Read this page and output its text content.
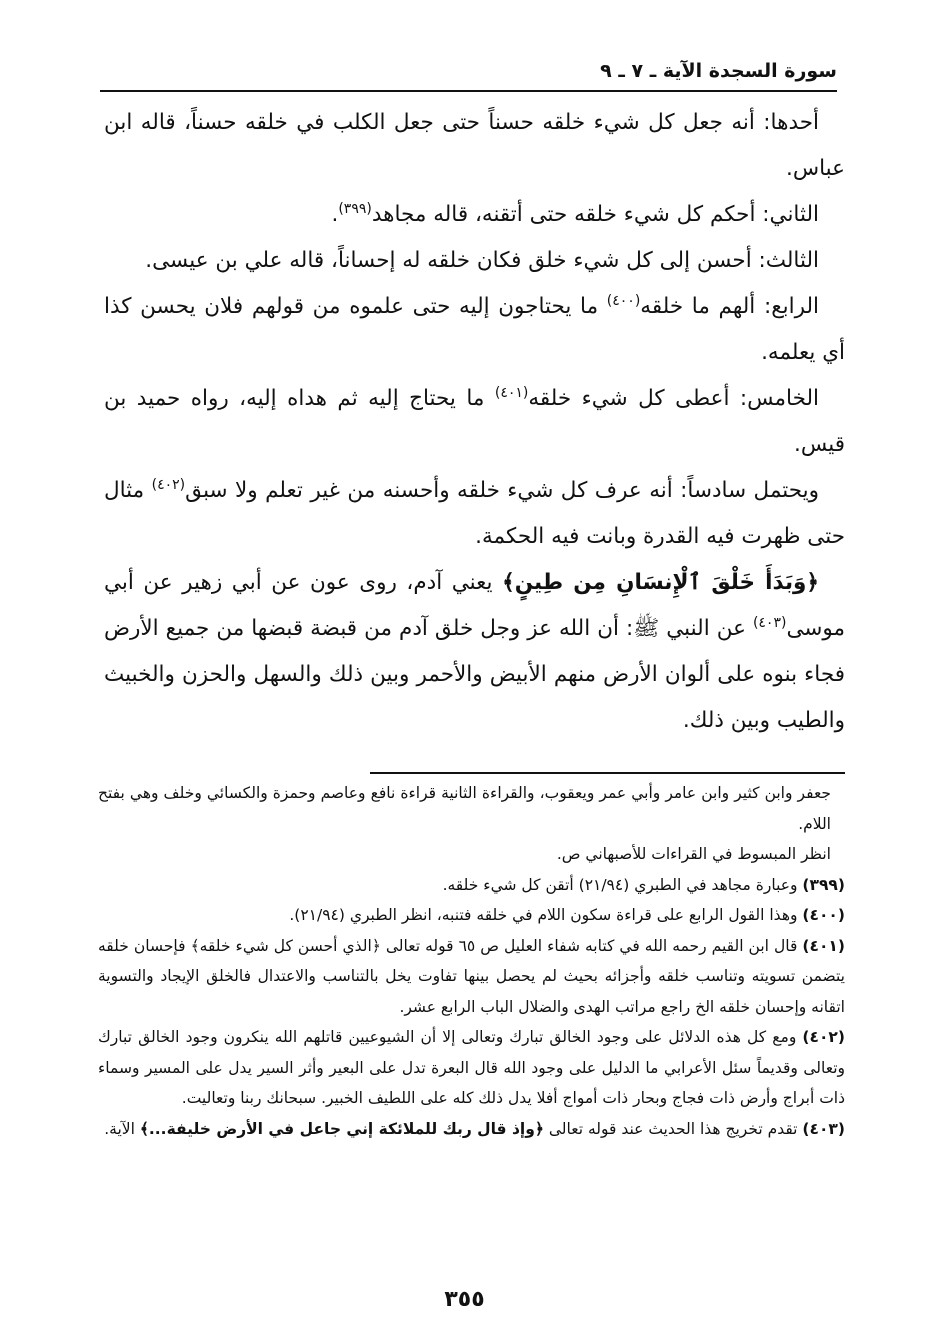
سورة السجدة الآية ـ ٧ ـ ٩

أحدها: أنه جعل كل شيء خلقه حسناً حتى جعل الكلب في خلقه حسناً، قاله ابن عباس.

الثاني: أحكم كل شيء خلقه حتى أتقنه، قاله مجاهد$^{(٣٩٩)}$.

الثالث: أحسن إلى كل شيء خلق فكان خلقه له إحساناً، قاله علي بن عيسى.

الرابع: ألهم ما خلقه$^{(٤٠٠)}$ ما يحتاجون إليه حتى علموه من قولهم فلان يحسن كذا أي يعلمه.

الخامس: أعطى كل شيء خلقه$^{(٤٠١)}$ ما يحتاج إليه ثم هداه إليه، رواه حميد بن قيس.

ويحتمل سادساً: أنه عرف كل شيء خلقه وأحسنه من غير تعلم ولا سبق$^{(٤٠٢)}$ مثال حتى ظهرت فيه القدرة وبانت فيه الحكمة.

﴿وَبَدَأَ خَلْقَ ٱلْإِنسَانِ مِن طِينٍ﴾ يعني آدم، روى عون عن أبي زهير عن أبي موسى$^{(٤٠٣)}$ عن النبي ﷺ: أن الله عز وجل خلق آدم من قبضة قبضها من جميع الأرض فجاء بنوه على ألوان الأرض منهم الأبيض والأحمر وبين ذلك والسهل والحزن والخبيث والطيب وبين ذلك.

جعفر وابن كثير وابن عامر وأبي عمر ويعقوب، والقراءة الثانية قراءة نافع وعاصم وحمزة والكسائي وخلف وهي بفتح اللام.

انظر المبسوط في القراءات للأصبهاني ص.

(٣٩٩) وعبارة مجاهد في الطبري (٢١/٩٤) أتقن كل شيء خلقه.

(٤٠٠) وهذا القول الرابع على قراءة سكون اللام في خلقه فتنبه، انظر الطبري (٢١/٩٤).

(٤٠١) قال ابن القيم رحمه الله في كتابه شفاء العليل ص ٦٥ قوله تعالى ﴿الذي أحسن كل شيء خلقه﴾ فإحسان خلقه يتضمن تسويته وتناسب خلقه وأجزائه بحيث لم يحصل بينها تفاوت يخل بالتناسب والاعتدال فالخلق الإيجاد والتسوية اتقانه وإحسان خلقه الخ راجع مراتب الهدى والضلال الباب الرابع عشر.

(٤٠٢) ومع كل هذه الدلائل على وجود الخالق تبارك وتعالى إلا أن الشيوعيين قاتلهم الله ينكرون وجود الخالق تبارك وتعالى وقديماً سئل الأعرابي ما الدليل على وجود الله قال البعرة تدل على البعير وأثر السير يدل على المسير وسماء ذات أبراج وأرض ذات فجاج وبحار ذات أمواج أفلا يدل ذلك كله على اللطيف الخبير. سبحانك ربنا وتعاليت.

(٤٠٣) تقدم تخريج هذا الحديث عند قوله تعالى ﴿وإذ قال ربك للملائكة إني جاعل في الأرض خليفة...﴾ الآية.

٣٥٥
